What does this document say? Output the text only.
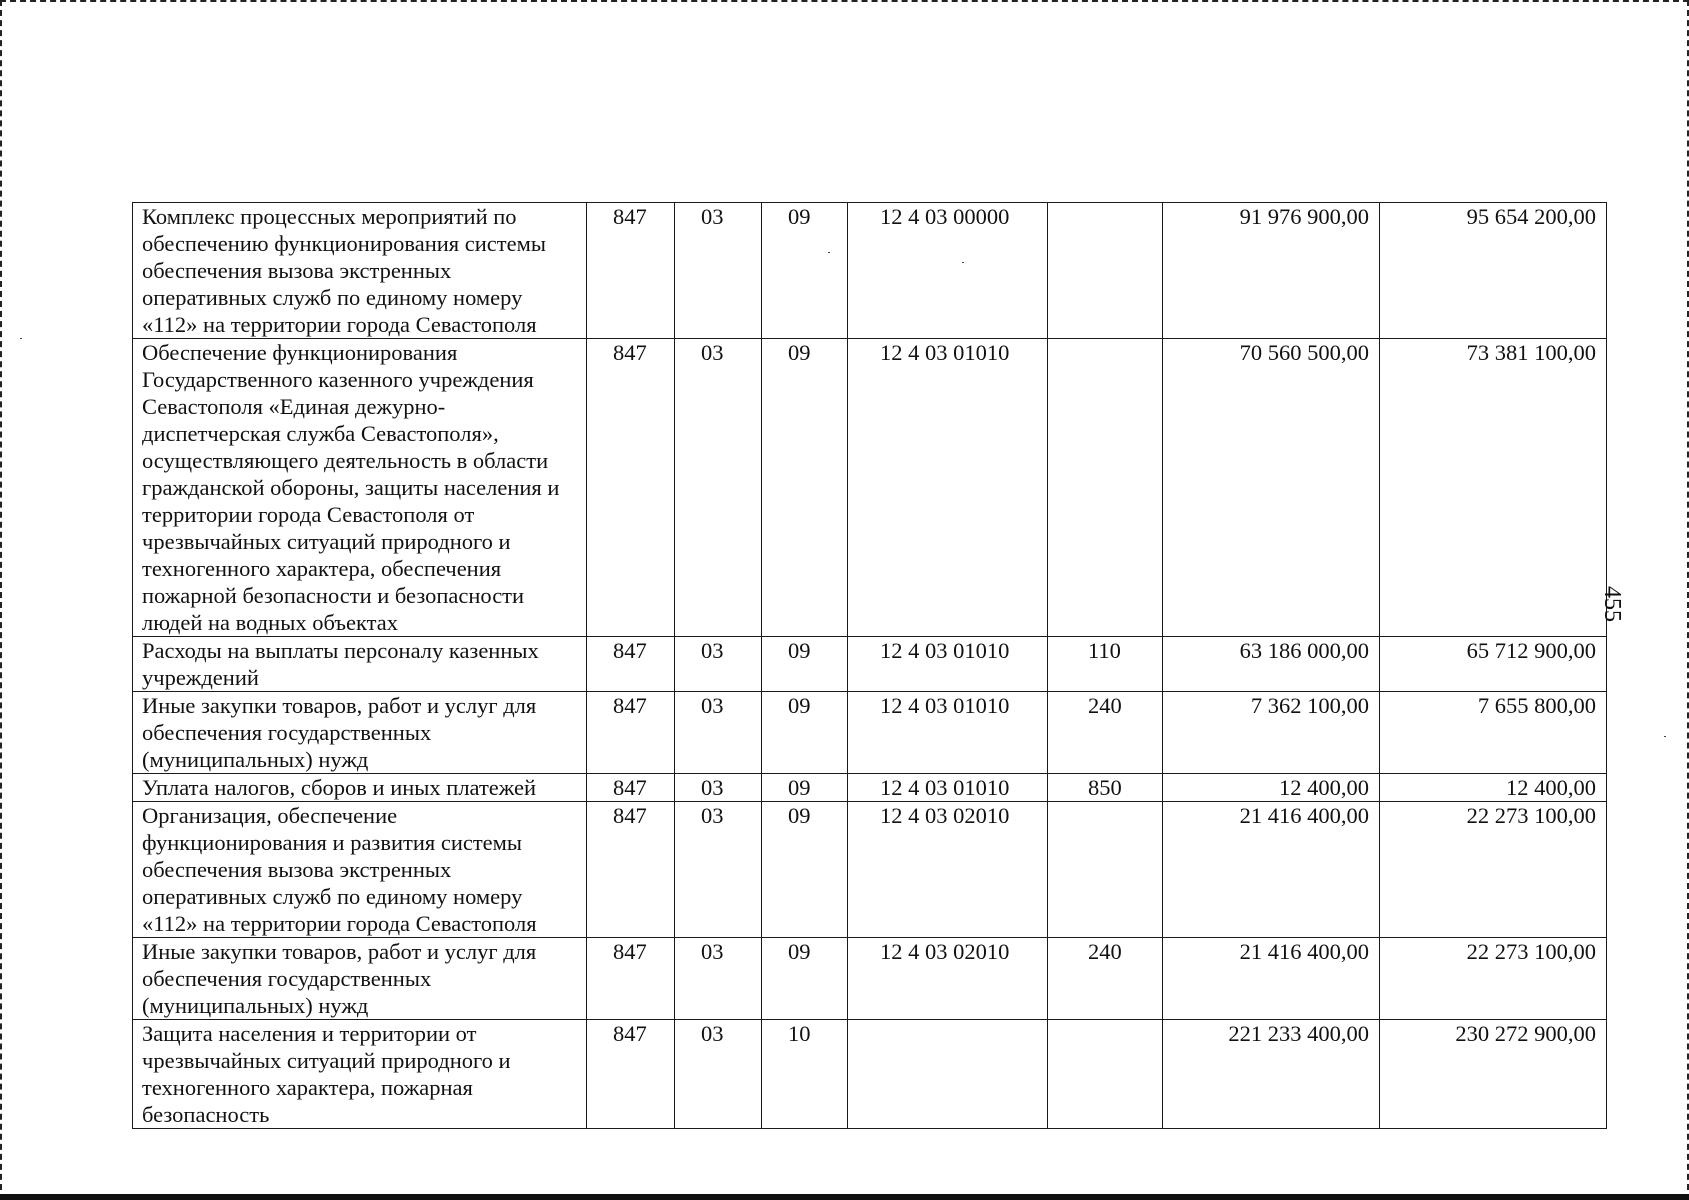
Комплекс процессных мероприятий по обеспечению функционирования системы обеспечения вызова экстренных оперативных служб по единому номеру «112» на территории города Севастополя	847	03	09	12 4 03 00000		91 976 900,00	95 654 200,00
Обеспечение функционирования Государственного казенного учреждения Севастополя «Единая дежурно-диспетчерская служба Севастополя», осуществляющего деятельность в области гражданской обороны, защиты населения и территории города Севастополя от чрезвычайных ситуаций природного и техногенного характера, обеспечения пожарной безопасности и безопасности людей на водных объектах	847	03	09	12 4 03 01010		70 560 500,00	73 381 100,00
Расходы на выплаты персоналу казенных учреждений	847	03	09	12 4 03 01010	110	63 186 000,00	65 712 900,00
Иные закупки товаров, работ и услуг для обеспечения государственных (муниципальных) нужд	847	03	09	12 4 03 01010	240	7 362 100,00	7 655 800,00
Уплата налогов, сборов и иных платежей	847	03	09	12 4 03 01010	850	12 400,00	12 400,00
Организация, обеспечение функционирования и развития системы обеспечения вызова экстренных оперативных служб по единому номеру «112» на территории города Севастополя	847	03	09	12 4 03 02010		21 416 400,00	22 273 100,00
Иные закупки товаров, работ и услуг для обеспечения государственных (муниципальных) нужд	847	03	09	12 4 03 02010	240	21 416 400,00	22 273 100,00
Защита населения и территории от чрезвычайных ситуаций природного и техногенного характера, пожарная безопасность	847	03	10			221 233 400,00	230 272 900,00
455
